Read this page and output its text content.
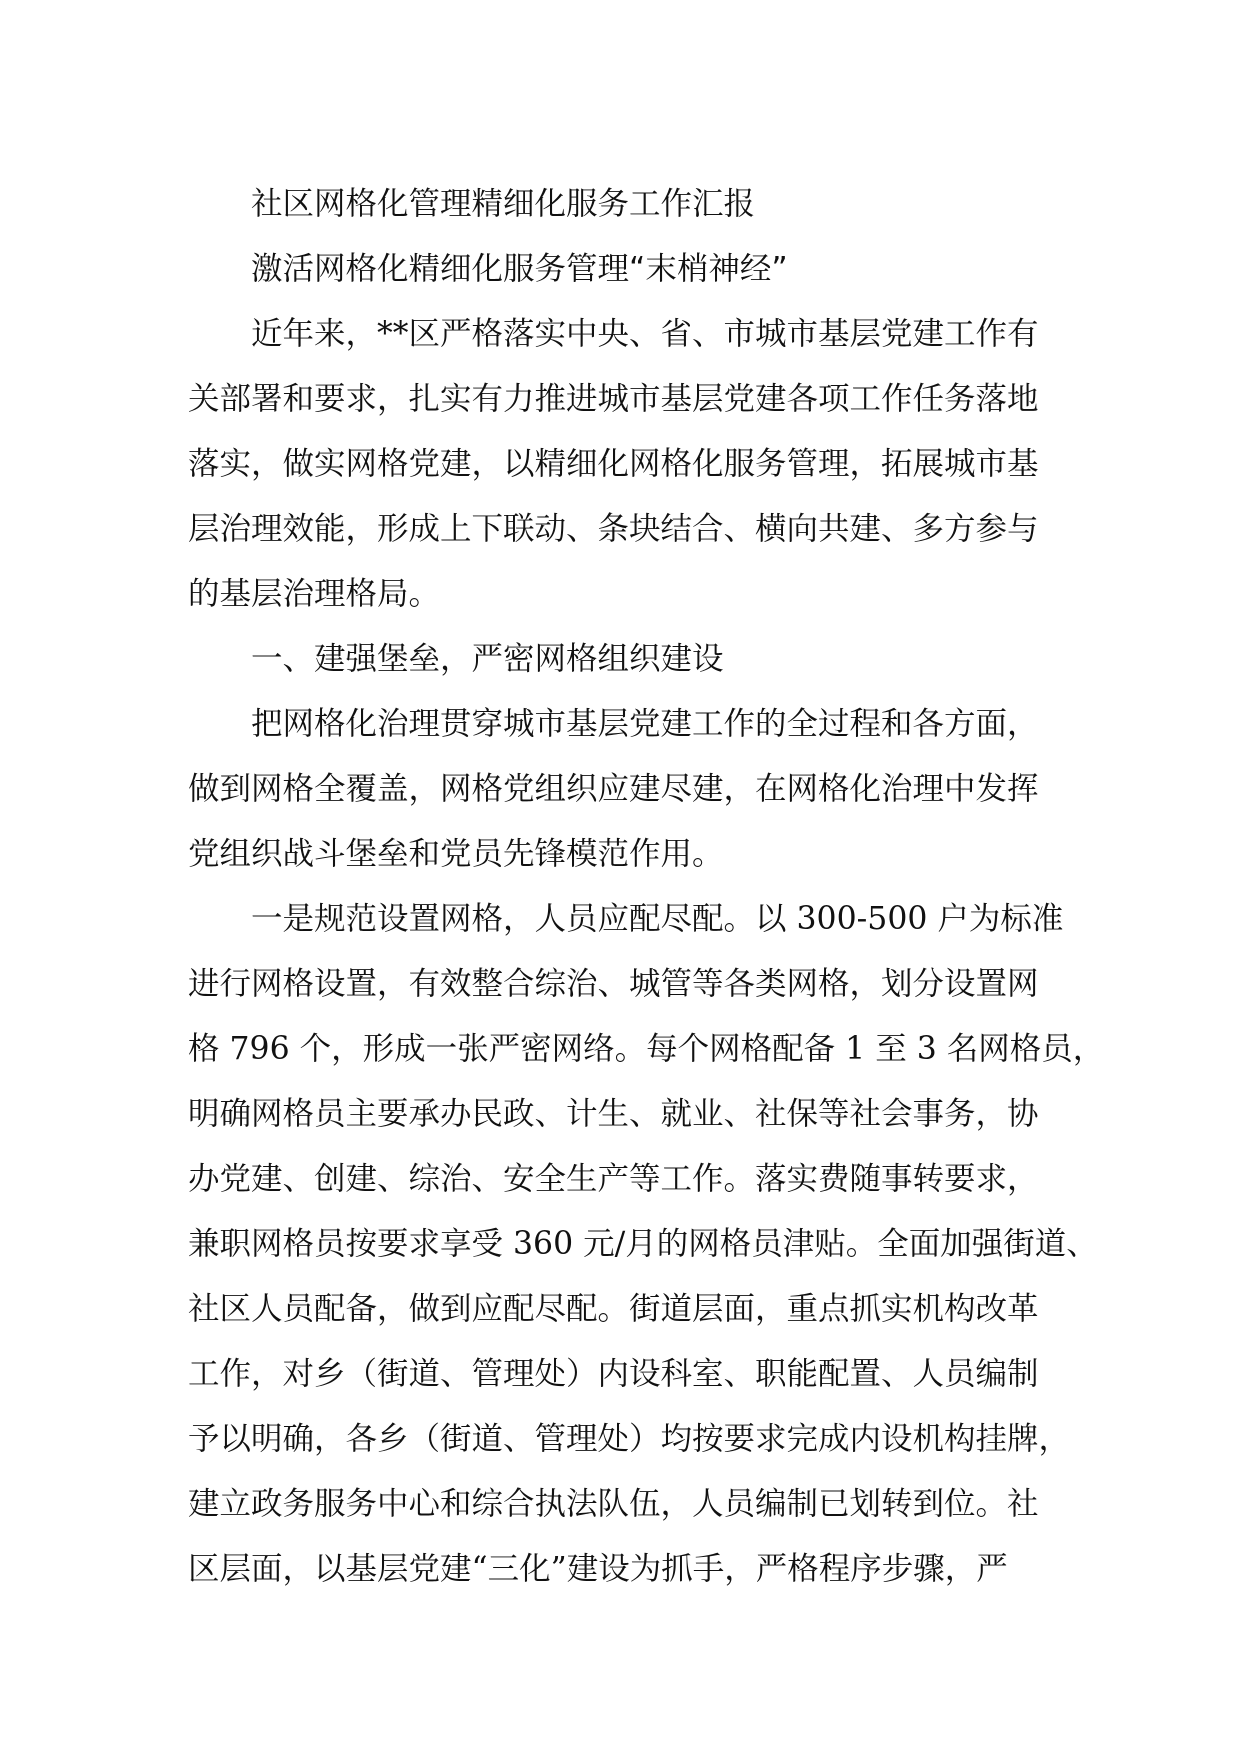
社区网格化管理精细化服务工作汇报
激活网格化精细化服务管理“末梢神经”
近年来，**区严格落实中央、省、市城市基层党建工作有
关部署和要求，扎实有力推进城市基层党建各项工作任务落地
落实，做实网格党建，以精细化网格化服务管理，拓展城市基
层治理效能，形成上下联动、条块结合、横向共建、多方参与
的基层治理格局。
一、建强堡垒，严密网格组织建设
把网格化治理贯穿城市基层党建工作的全过程和各方面，
做到网格全覆盖，网格党组织应建尽建，在网格化治理中发挥
党组织战斗堡垒和党员先锋模范作用。
一是规范设置网格，人员应配尽配。以 300-500 户为标准
进行网格设置，有效整合综治、城管等各类网格，划分设置网
格 796 个，形成一张严密网络。每个网格配备 1 至 3 名网格员，
明确网格员主要承办民政、计生、就业、社保等社会事务，协
办党建、创建、综治、安全生产等工作。落实费随事转要求，
兼职网格员按要求享受 360 元/月的网格员津贴。全面加强街道、
社区人员配备，做到应配尽配。街道层面，重点抓实机构改革
工作，对乡（街道、管理处）内设科室、职能配置、人员编制
予以明确，各乡（街道、管理处）均按要求完成内设机构挂牌，
建立政务服务中心和综合执法队伍，人员编制已划转到位。社
区层面，以基层党建“三化”建设为抓手，严格程序步骤，严
